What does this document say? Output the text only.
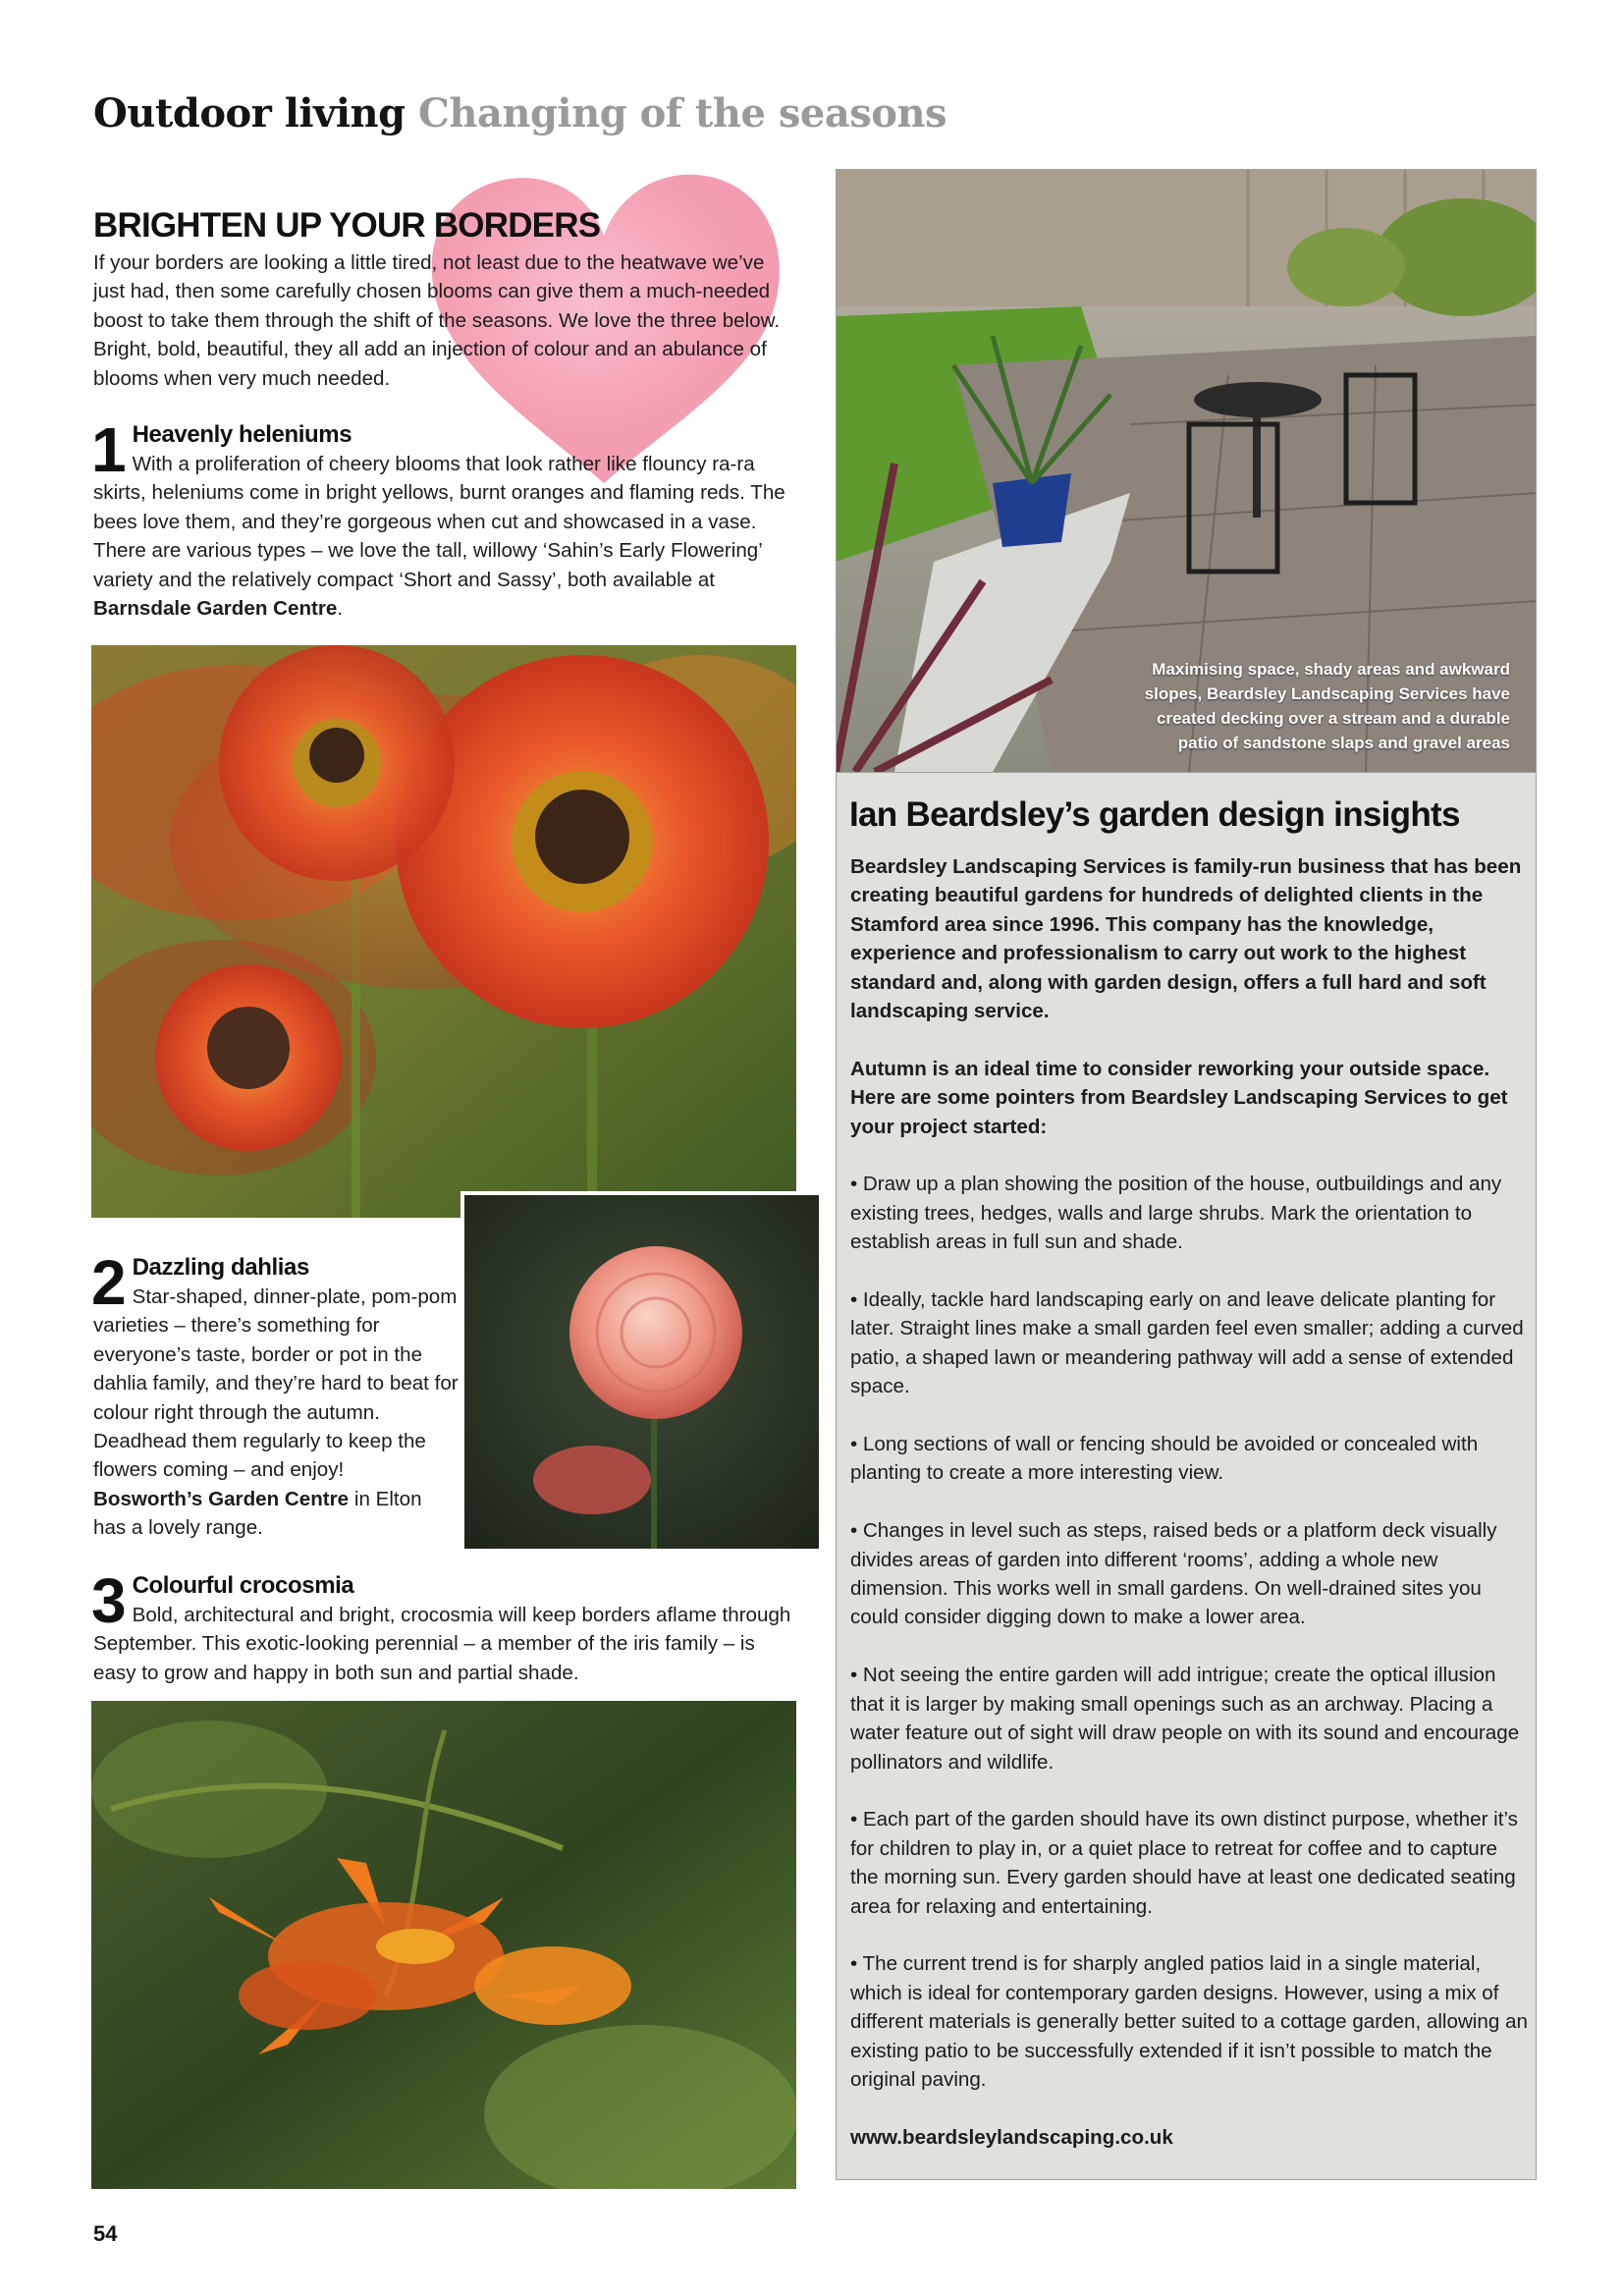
Outdoor living Changing of the seasons
BRIGHTEN UP YOUR BORDERS
If your borders are looking a little tired, not least due to the heatwave we’ve just had, then some carefully chosen blooms can give them a much-needed boost to take them through the shift of the seasons. We love the three below. Bright, bold, beautiful, they all add an injection of colour and an abulance of blooms when very much needed.
1 Heavenly heleniums
With a proliferation of cheery blooms that look rather like flouncy ra-ra skirts, heleniums come in bright yellows, burnt oranges and flaming reds. The bees love them, and they’re gorgeous when cut and showcased in a vase. There are various types – we love the tall, willowy ‘Sahin’s Early Flowering’ variety and the relatively compact ‘Short and Sassy’, both available at Barnsdale Garden Centre.
2 Dazzling dahlias
Star-shaped, dinner-plate, pom-pom varieties – there’s something for everyone’s taste, border or pot in the dahlia family, and they’re hard to beat for colour right through the autumn. Deadhead them regularly to keep the flowers coming – and enjoy! Bosworth’s Garden Centre in Elton has a lovely range.
3 Colourful crocosmia
Bold, architectural and bright, crocosmia will keep borders aflame through September. This exotic-looking perennial – a member of the iris family – is easy to grow and happy in both sun and partial shade.
Maximising space, shady areas and awkward
slopes, Beardsley Landscaping Services have
created decking over a stream and a durable
patio of sandstone slaps and gravel areas
Ian Beardsley’s garden design insights

Beardsley Landscaping Services is family-run business that has been creating beautiful gardens for hundreds of delighted clients in the Stamford area since 1996. This company has the knowledge, experience and professionalism to carry out work to the highest standard and, along with garden design, offers a full hard and soft landscaping service.

Autumn is an ideal time to consider reworking your outside space. Here are some pointers from Beardsley Landscaping Services to get your project started:

• Draw up a plan showing the position of the house, outbuildings and any existing trees, hedges, walls and large shrubs. Mark the orientation to establish areas in full sun and shade.

• Ideally, tackle hard landscaping early on and leave delicate planting for later. Straight lines make a small garden feel even smaller; adding a curved patio, a shaped lawn or meandering pathway will add a sense of extended space.

• Long sections of wall or fencing should be avoided or concealed with planting to create a more interesting view.

• Changes in level such as steps, raised beds or a platform deck visually divides areas of garden into different ‘rooms’, adding a whole new dimension. This works well in small gardens. On well-drained sites you could consider digging down to make a lower area.

• Not seeing the entire garden will add intrigue; create the optical illusion that it is larger by making small openings such as an archway. Placing a water feature out of sight will draw people on with its sound and encourage pollinators and wildlife.

• Each part of the garden should have its own distinct purpose, whether it’s for children to play in, or a quiet place to retreat for coffee and to capture the morning sun. Every garden should have at least one dedicated seating area for relaxing and entertaining.

• The current trend is for sharply angled patios laid in a single material, which is ideal for contemporary garden designs. However, using a mix of different materials is generally better suited to a cottage garden, allowing an existing patio to be successfully extended if it isn’t possible to match the original paving.

www.beardsleylandscaping.co.uk

54
